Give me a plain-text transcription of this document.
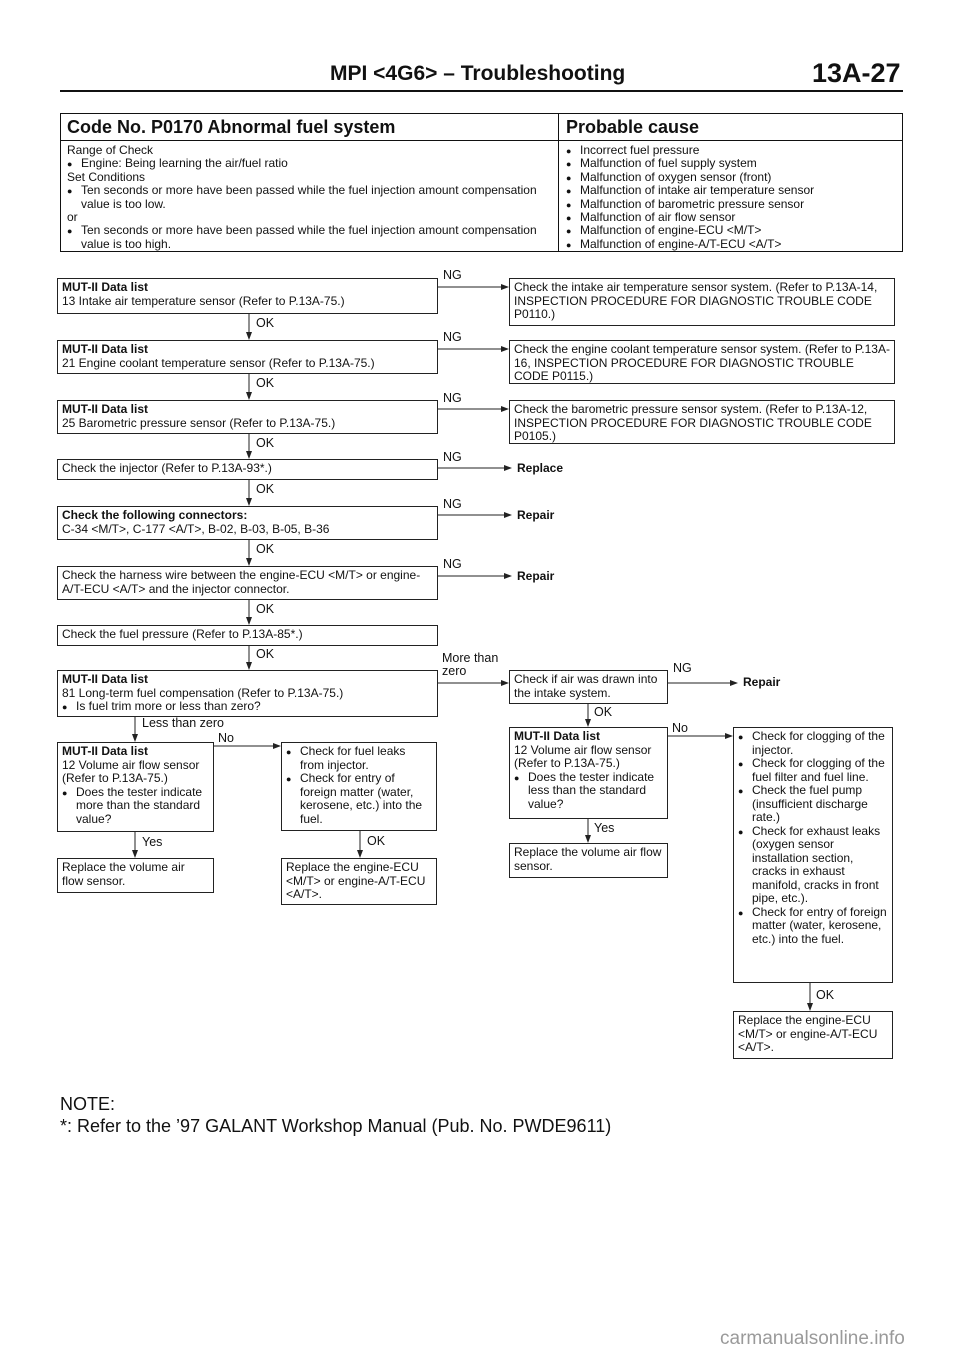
MPI <4G6> – Troubleshooting	13A-27
Code No. P0170 Abnormal fuel system	Probable cause
Range of Check
● Engine: Being learning the air/fuel ratio
Set Conditions
● Ten seconds or more have been passed while the fuel injection amount compensation value is too low.
or
● Ten seconds or more have been passed while the fuel injection amount compensation value is too high.
● Incorrect fuel pressure
● Malfunction of fuel supply system
● Malfunction of oxygen sensor (front)
● Malfunction of intake air temperature sensor
● Malfunction of barometric pressure sensor
● Malfunction of air flow sensor
● Malfunction of engine-ECU <M/T>
● Malfunction of engine-A/T-ECU <A/T>
MUT-II Data list
13 Intake air temperature sensor (Refer to P.13A-75.)
NG
Check the intake air temperature sensor system. (Refer to P.13A-14, INSPECTION PROCEDURE FOR DIAGNOSTIC TROUBLE CODE P0110.)
OK
MUT-II Data list
21 Engine coolant temperature sensor (Refer to P.13A-75.)
NG
Check the engine coolant temperature sensor system. (Refer to P.13A-16, INSPECTION PROCEDURE FOR DIAGNOSTIC TROUBLE CODE P0115.)
OK
MUT-II Data list
25 Barometric pressure sensor (Refer to P.13A-75.)
NG
Check the barometric pressure sensor system. (Refer to P.13A-12, INSPECTION PROCEDURE FOR DIAGNOSTIC TROUBLE CODE P0105.)
OK
Check the injector (Refer to P.13A-93*.)
NG
Replace
OK
Check the following connectors:
C-34 <M/T>, C-177 <A/T>, B-02, B-03, B-05, B-36
NG
Repair
OK
Check the harness wire between the engine-ECU <M/T> or engine-A/T-ECU <A/T> and the injector connector.
NG
Repair
OK
Check the fuel pressure (Refer to P.13A-85*.)
OK
MUT-II Data list
81 Long-term fuel compensation (Refer to P.13A-75.)
● Is fuel trim more or less than zero?
More than zero
Less than zero
Check if air was drawn into the intake system.
NG
Repair
OK
No
MUT-II Data list
12 Volume air flow sensor (Refer to P.13A-75.)
● Does the tester indicate more than the standard value?
● Check for fuel leaks from injector.
● Check for entry of foreign matter (water, kerosene, etc.) into the fuel.
Yes	OK
Replace the volume air flow sensor.
Replace the engine-ECU <M/T> or engine-A/T-ECU <A/T>.
No
MUT-II Data list
12 Volume air flow sensor (Refer to P.13A-75.)
● Does the tester indicate less than the standard value?
Yes
Replace the volume air flow sensor.
● Check for clogging of the injector.
● Check for clogging of the fuel filter and fuel line.
● Check the fuel pump (insufficient discharge rate.)
● Check for exhaust leaks (oxygen sensor installation section, cracks in exhaust manifold, cracks in front pipe, etc.).
● Check for entry of foreign matter (water, kerosene, etc.) into the fuel.
OK
Replace the engine-ECU <M/T> or engine-A/T-ECU <A/T>.
NOTE:
*: Refer to the ’97 GALANT Workshop Manual (Pub. No. PWDE9611)
carmanualsonline.info
